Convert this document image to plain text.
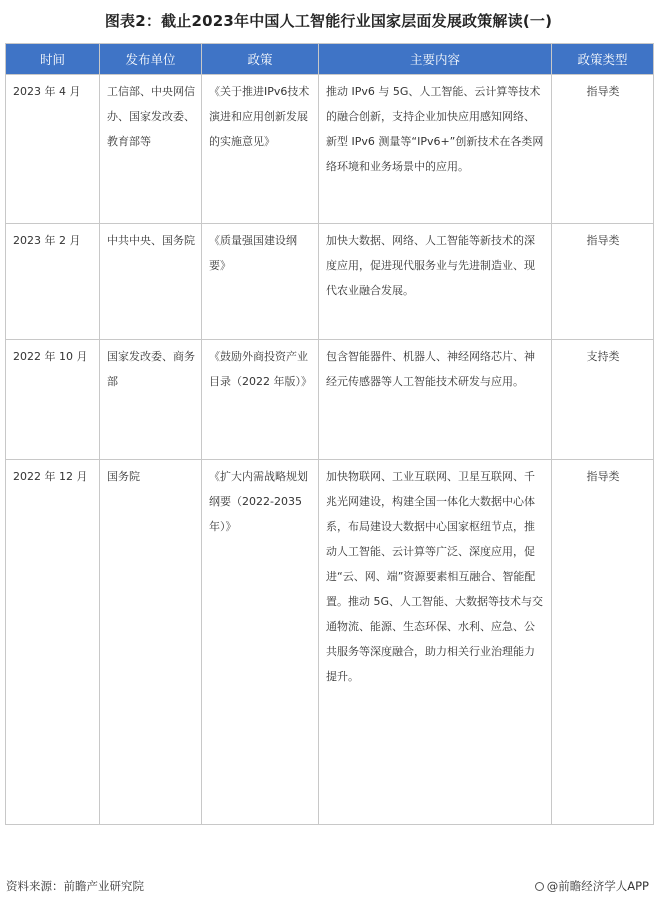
图表2：截止2023年中国人工智能行业国家层面发展政策解读(一)
时间	发布单位	政策	主要内容	政策类型
2023 年 4 月	工信部、中央网信办、国家发改委、教育部等	《关于推进IPv6技术演进和应用创新发展的实施意见》	推动 IPv6 与 5G、人工智能、云计算等技术的融合创新，支持企业加快应用感知网络、新型 IPv6 测量等“IPv6+”创新技术在各类网络环境和业务场景中的应用。	指导类
2023 年 2 月	中共中央、国务院	《质量强国建设纲要》	加快大数据、网络、人工智能等新技术的深度应用，促进现代服务业与先进制造业、现代农业融合发展。	指导类
2022 年 10 月	国家发改委、商务部	《鼓励外商投资产业目录（2022 年版）》	包含智能器件、机器人、神经网络芯片、神经元传感器等人工智能技术研发与应用。	支持类
2022 年 12 月	国务院	《扩大内需战略规划纲要（2022-2035 年）》	加快物联网、工业互联网、卫星互联网、千兆光网建设，构建全国一体化大数据中心体系，布局建设大数据中心国家枢纽节点，推动人工智能、云计算等广泛、深度应用，促进“云、网、端”资源要素相互融合、智能配置。推动 5G、人工智能、大数据等技术与交通物流、能源、生态环保、水利、应急、公共服务等深度融合，助力相关行业治理能力提升。	指导类
资料来源：前瞻产业研究院	@前瞻经济学人APP
